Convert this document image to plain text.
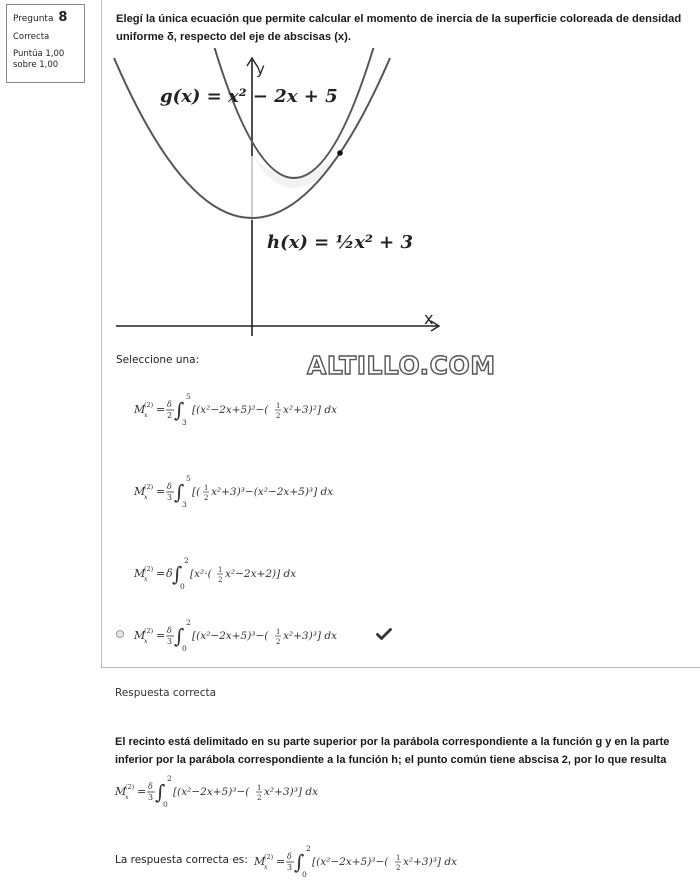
Pregunta 8
Correcta
Puntúa 1,00
sobre 1,00
Elegí la única ecuación que permite calcular el momento de inercia de la superficie coloreada de densidad uniforme δ, respecto del eje de abscisas (x).
g(x) = x² − 2x + 5
h(x) = ½x² + 3
y
x
Seleccione una:
M
(2)
x = δ
2 ∫
5
3
[(x²−2x+5)²−( 1
2 x²+3)²] dx
M
(2)
x = δ
3 ∫
5
3
[( 1
2 x²+3)³−(x²−2x+5)³] dx
M
(2)
x = δ ∫
2
0
[x²·( 1
2 x²−2x+2)] dx
M
(2)
x = δ
3 ∫
2
0
[(x²−2x+5)³−( 1
2 x²+3)³] dx
ALTILLO.COM
Respuesta correcta
El recinto está delimitado en su parte superior por la parábola correspondiente a la función g y en la parte inferior por la parábola correspondiente a la función h; el punto común tiene abscisa 2, por lo que resulta
M
(2)
x = δ
3 ∫
2
0
[(x²−2x+5)³−( 1
2 x²+3)³] dx
La respuesta correcta es: M
(2)
x = δ
3 ∫
2
0
[(x²−2x+5)³−( 1
2 x²+3)³] dx
